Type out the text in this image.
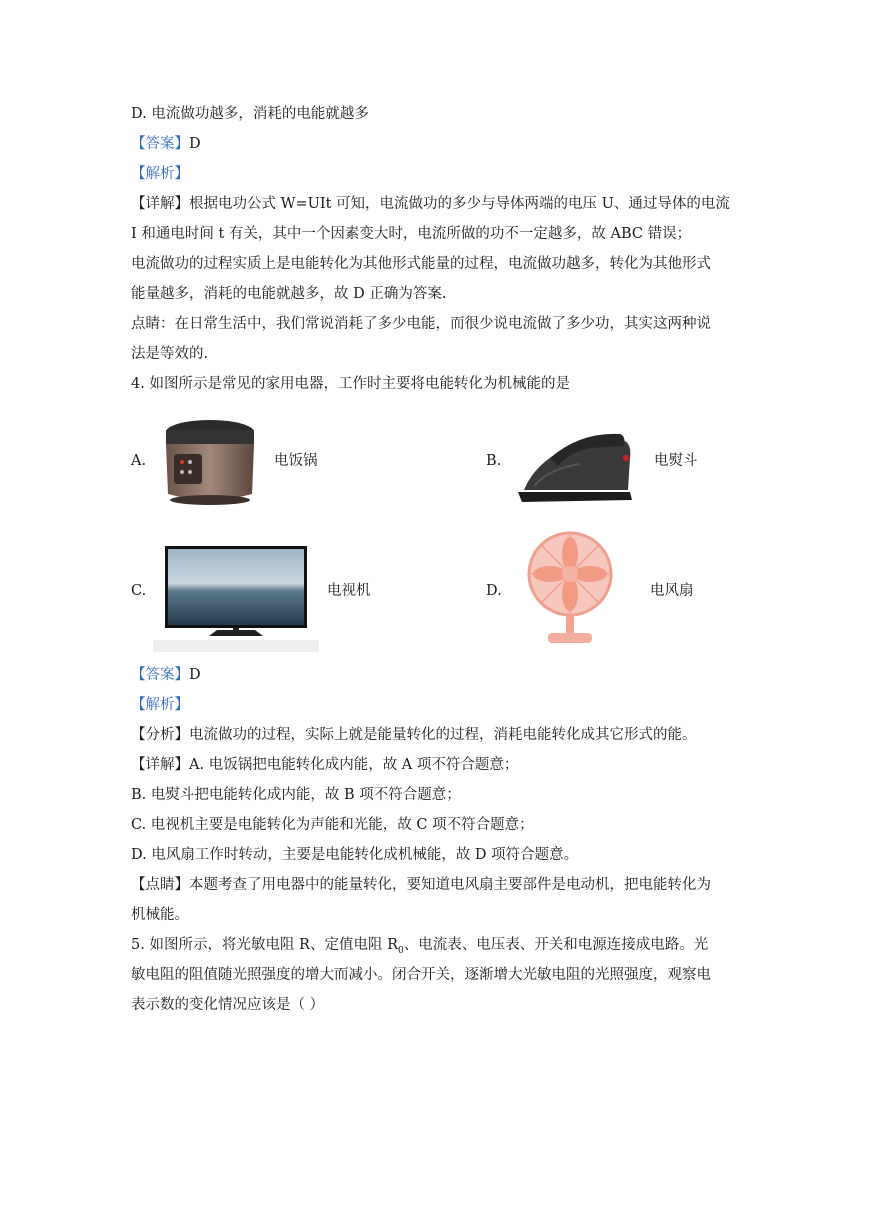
D. 电流做功越多，消耗的电能就越多
【答案】D
【解析】
【详解】根据电功公式 W=UIt 可知，电流做功的多少与导体两端的电压 U、通过导体的电流
I 和通电时间 t 有关，其中一个因素变大时，电流所做的功不一定越多，故 ABC 错误；
电流做功的过程实质上是电能转化为其他形式能量的过程，电流做功越多，转化为其他形式
能量越多，消耗的电能就越多，故 D 正确为答案.
点睛：在日常生活中，我们常说消耗了多少电能，而很少说电流做了多少功，其实这两种说
法是等效的.
4. 如图所示是常见的家用电器，工作时主要将电能转化为机械能的是
A.	电饭锅	B.	电熨斗
C.	电视机	D.	电风扇
【答案】D
【解析】
【分析】电流做功的过程，实际上就是能量转化的过程，消耗电能转化成其它形式的能。
【详解】A. 电饭锅把电能转化成内能，故 A 项不符合题意；
B. 电熨斗把电能转化成内能，故 B 项不符合题意；
C. 电视机主要是电能转化为声能和光能，故 C 项不符合题意；
D. 电风扇工作时转动，主要是电能转化成机械能，故 D 项符合题意。
【点睛】本题考查了用电器中的能量转化，要知道电风扇主要部件是电动机，把电能转化为
机械能。
5. 如图所示，将光敏电阻 R、定值电阻 $R_0$、电流表、电压表、开关和电源连接成电路。光
敏电阻的阻值随光照强度的增大而减小。闭合开关，逐渐增大光敏电阻的光照强度，观察电
表示数的变化情况应该是（ ）
